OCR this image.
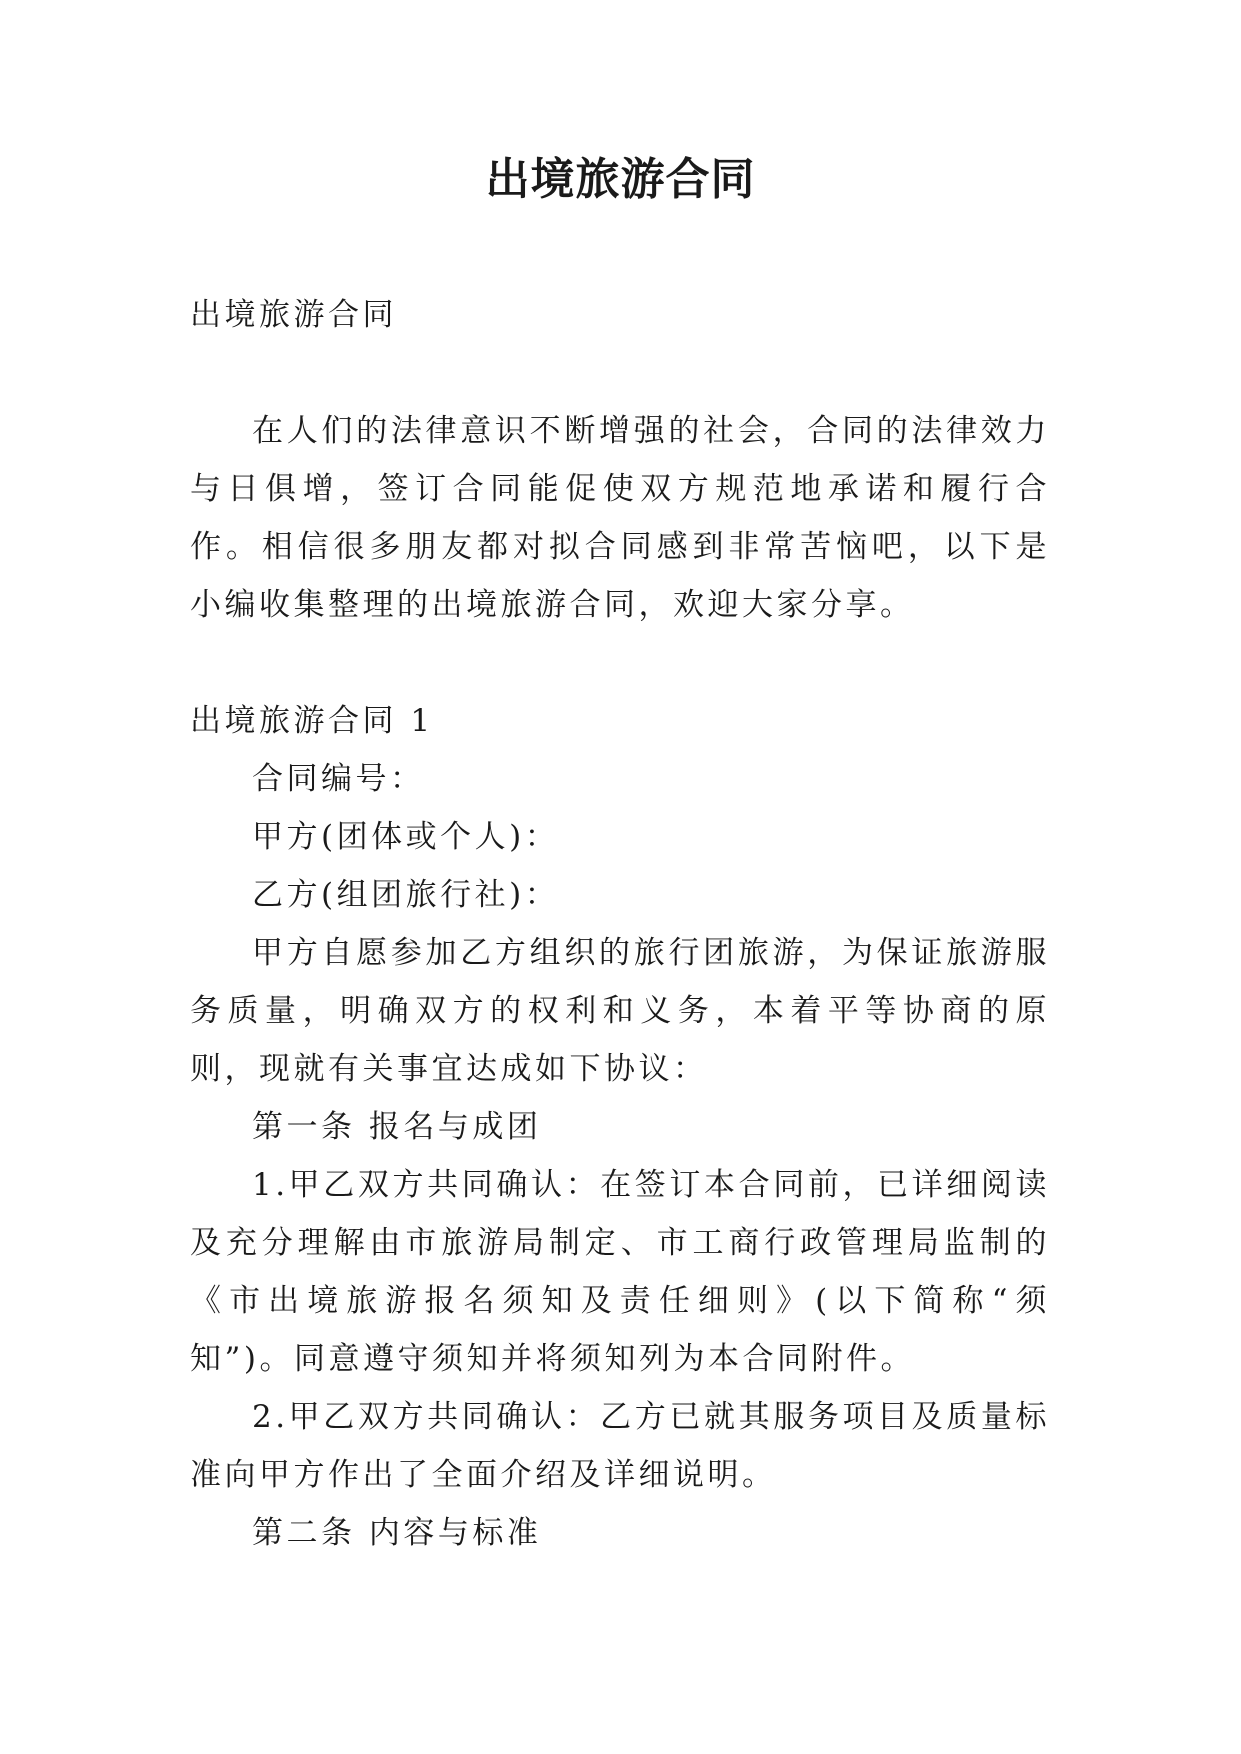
出境旅游合同

出境旅游合同

在人们的法律意识不断增强的社会，合同的法律效力与日俱增，签订合同能促使双方规范地承诺和履行合作。相信很多朋友都对拟合同感到非常苦恼吧，以下是小编收集整理的出境旅游合同，欢迎大家分享。

出境旅游合同 1

合同编号：

甲方(团体或个人)：

乙方(组团旅行社)：

甲方自愿参加乙方组织的旅行团旅游，为保证旅游服务质量，明确双方的权利和义务，本着平等协商的原则，现就有关事宜达成如下协议：

第一条 报名与成团

1.甲乙双方共同确认：在签订本合同前，已详细阅读及充分理解由市旅游局制定、市工商行政管理局监制的《市出境旅游报名须知及责任细则》(以下简称“须知”)。同意遵守须知并将须知列为本合同附件。

2.甲乙双方共同确认：乙方已就其服务项目及质量标准向甲方作出了全面介绍及详细说明。

第二条 内容与标准
